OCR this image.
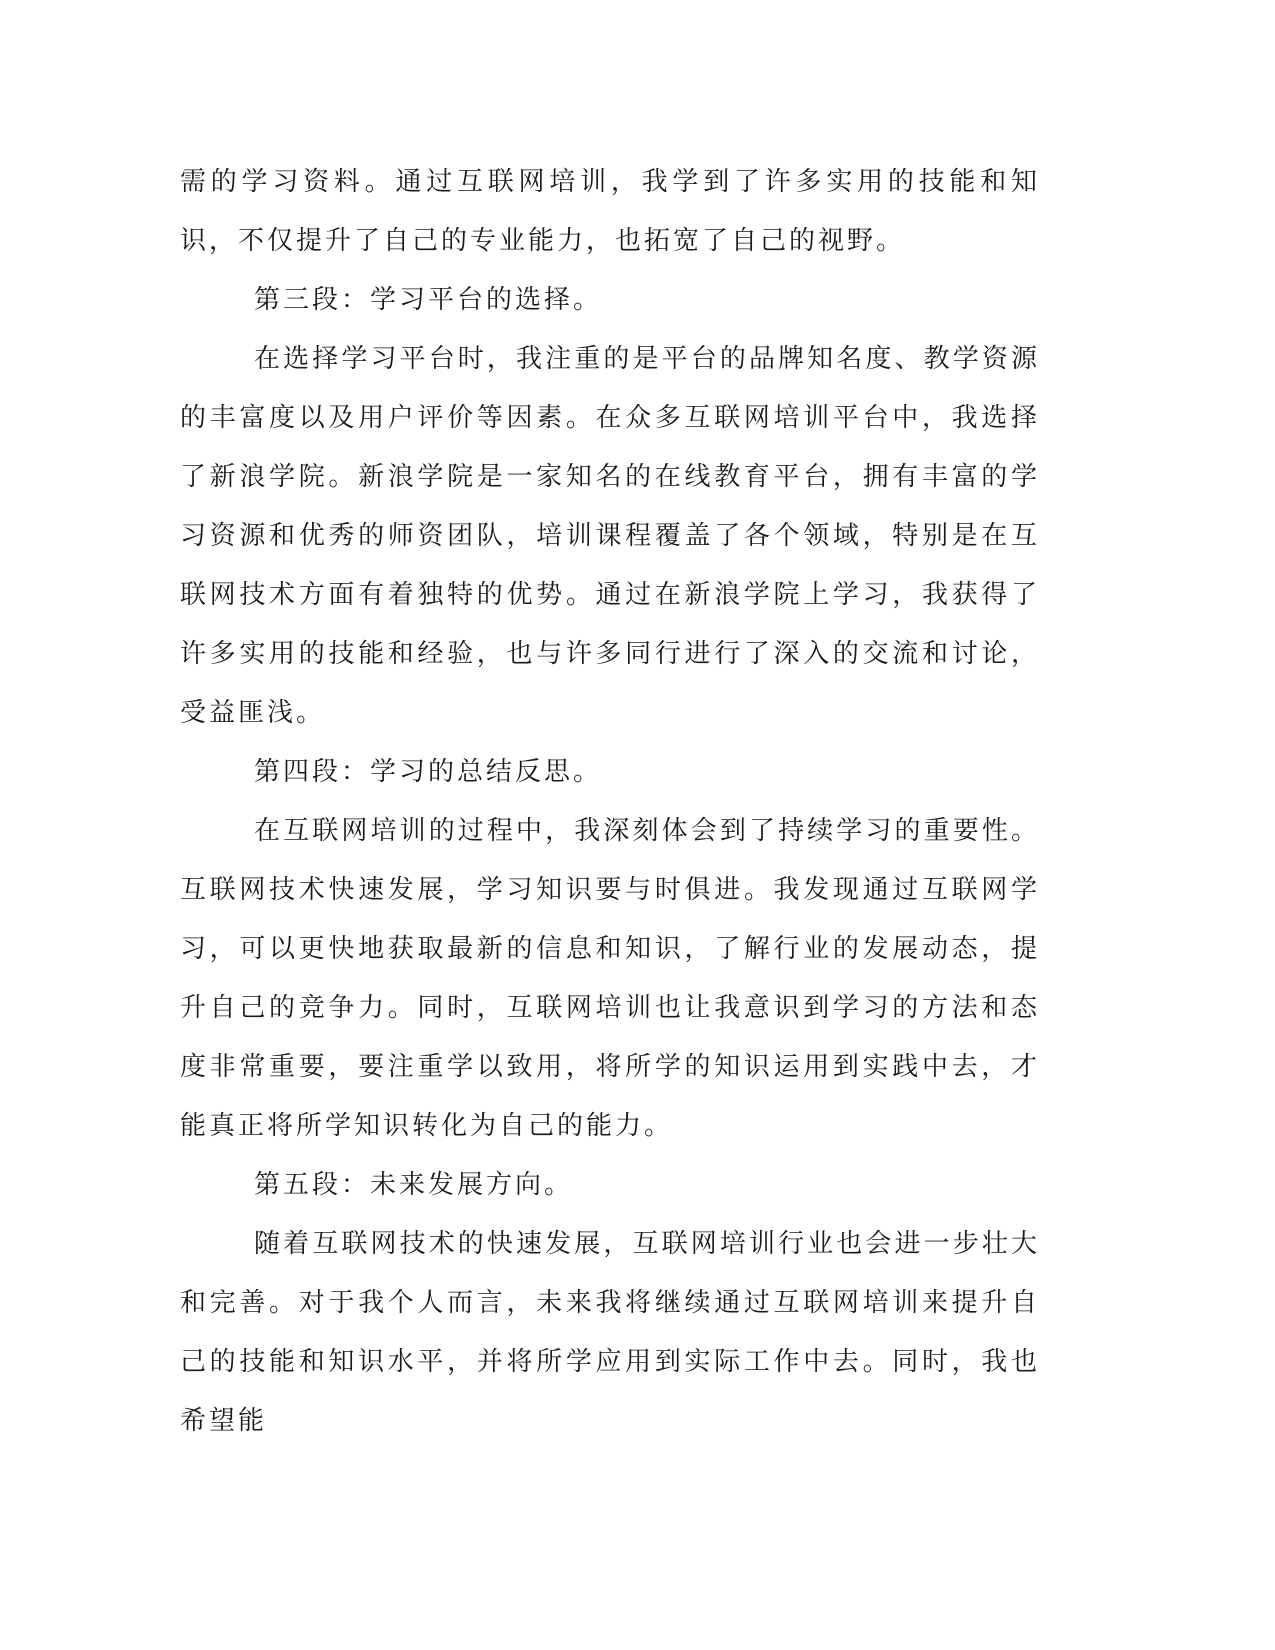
需的学习资料。通过互联网培训，我学到了许多实用的技能和知识，不仅提升了自己的专业能力，也拓宽了自己的视野。

第三段：学习平台的选择。

在选择学习平台时，我注重的是平台的品牌知名度、教学资源的丰富度以及用户评价等因素。在众多互联网培训平台中，我选择了新浪学院。新浪学院是一家知名的在线教育平台，拥有丰富的学习资源和优秀的师资团队，培训课程覆盖了各个领域，特别是在互联网技术方面有着独特的优势。通过在新浪学院上学习，我获得了许多实用的技能和经验，也与许多同行进行了深入的交流和讨论，受益匪浅。

第四段：学习的总结反思。

在互联网培训的过程中，我深刻体会到了持续学习的重要性。互联网技术快速发展，学习知识要与时俱进。我发现通过互联网学习，可以更快地获取最新的信息和知识，了解行业的发展动态，提升自己的竞争力。同时，互联网培训也让我意识到学习的方法和态度非常重要，要注重学以致用，将所学的知识运用到实践中去，才能真正将所学知识转化为自己的能力。

第五段：未来发展方向。

随着互联网技术的快速发展，互联网培训行业也会进一步壮大和完善。对于我个人而言，未来我将继续通过互联网培训来提升自己的技能和知识水平，并将所学应用到实际工作中去。同时，我也希望能
